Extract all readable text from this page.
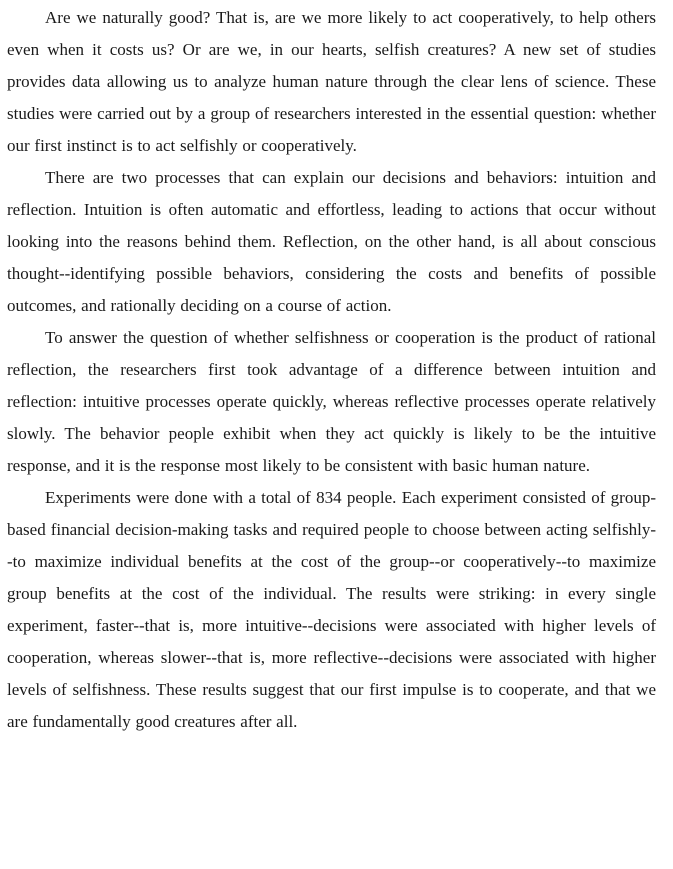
Are we naturally good? That is, are we more likely to act cooperatively, to help others even when it costs us? Or are we, in our hearts, selfish creatures? A new set of studies provides data allowing us to analyze human nature through the clear lens of science. These studies were carried out by a group of researchers interested in the essential question: whether our first instinct is to act selfishly or cooperatively.

There are two processes that can explain our decisions and behaviors: intuition and reflection. Intuition is often automatic and effortless, leading to actions that occur without looking into the reasons behind them. Reflection, on the other hand, is all about conscious thought--identifying possible behaviors, considering the costs and benefits of possible outcomes, and rationally deciding on a course of action.

To answer the question of whether selfishness or cooperation is the product of rational reflection, the researchers first took advantage of a difference between intuition and reflection: intuitive processes operate quickly, whereas reflective processes operate relatively slowly. The behavior people exhibit when they act quickly is likely to be the intuitive response, and it is the response most likely to be consistent with basic human nature.

Experiments were done with a total of 834 people. Each experiment consisted of group-based financial decision-making tasks and required people to choose between acting selfishly--to maximize individual benefits at the cost of the group--or cooperatively--to maximize group benefits at the cost of the individual. The results were striking: in every single experiment, faster--that is, more intuitive--decisions were associated with higher levels of cooperation, whereas slower--that is, more reflective--decisions were associated with higher levels of selfishness. These results suggest that our first impulse is to cooperate, and that we are fundamentally good creatures after all.
